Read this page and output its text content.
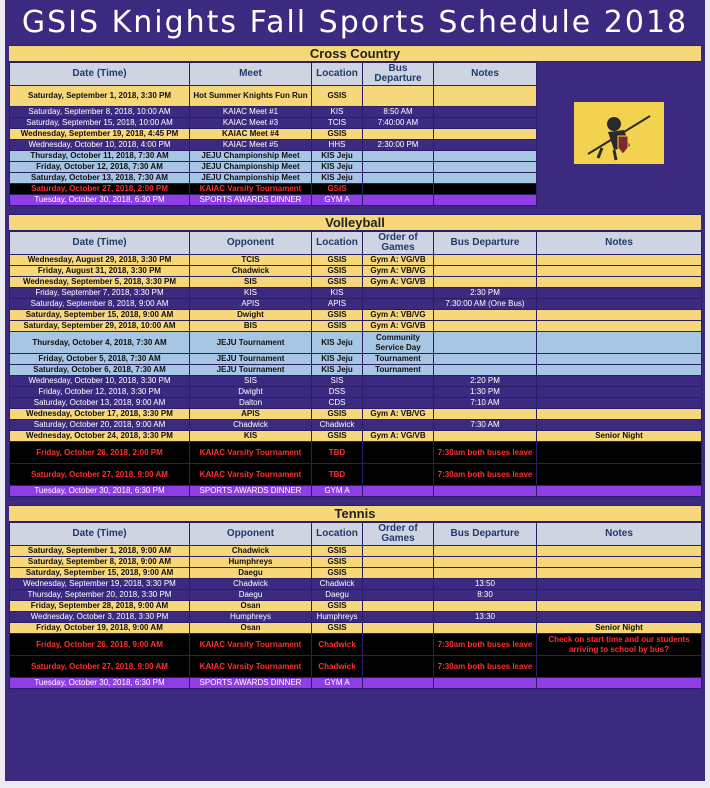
GSIS Knights Fall Sports Schedule 2018
Cross Country
Date (Time)	Meet	Location	Bus Departure	Notes	
Saturday, September 1, 2018, 3:30 PM	Hot Summer Knights Fun Run	GSIS			
Saturday, September 8, 2018, 10:00 AM	KAIAC Meet #1	KIS	8:50 AM		
Saturday, September 15, 2018, 10:00 AM	KAIAC Meet #3	TCIS	7:40:00 AM		
Wednesday, September 19, 2018, 4:45 PM	KAIAC Meet #4	GSIS			
Wednesday, October 10, 2018, 4:00 PM	KAIAC Meet #5	HHS	2:30:00 PM		
Thursday, October 11, 2018, 7:30 AM	JEJU Championship Meet	KIS Jeju			
Friday, October 12, 2018, 7:30 AM	JEJU Championship Meet	KIS Jeju			
Saturday, October 13, 2018, 7:30 AM	JEJU Championship Meet	KIS Jeju			
Saturday, October 27, 2018, 2:00 PM	KAIAC Varsity Tournament	GSIS			
Tuesday, October 30, 2018, 6:30 PM	SPORTS AWARDS DINNER	GYM A			
Volleyball
Date (Time)	Opponent	Location	Order of Games	Bus Departure	Notes
Wednesday, August 29, 2018, 3:30 PM	TCIS	GSIS	Gym A: VG/VB		
Friday, August 31, 2018, 3:30 PM	Chadwick	GSIS	Gym A: VB/VG		
Wednesday, September 5, 2018, 3:30 PM	SIS	GSIS	Gym A: VG/VB		
Friday, September 7, 2018, 3:30 PM	KIS	KIS		2:30 PM	
Saturday, September 8, 2018, 9:00 AM	APIS	APIS		7:30:00 AM (One Bus)	
Saturday, September 15, 2018, 9:00 AM	Dwight	GSIS	Gym A: VB/VG		
Saturday, September 29, 2018, 10:00 AM	BIS	GSIS	Gym A: VG/VB		
Thursday, October 4, 2018, 7:30 AM	JEJU Tournament	KIS Jeju	Community Service Day		
Friday, October 5, 2018, 7:30 AM	JEJU Tournament	KIS Jeju	Tournament		
Saturday, October 6, 2018, 7:30 AM	JEJU Tournament	KIS Jeju	Tournament		
Wednesday, October 10, 2018, 3:30 PM	SIS	SIS		2:20 PM	
Friday, October 12, 2018, 3:30 PM	Dwight	DSS		1:30 PM	
Saturday, October 13, 2018, 9:00 AM	Dalton	CDS		7:10 AM	
Wednesday, October 17, 2018, 3:30 PM	APIS	GSIS	Gym A: VB/VG		
Saturday, October 20, 2018, 9:00 AM	Chadwick	Chadwick		7:30 AM	
Wednesday, October 24, 2018, 3:30 PM	KIS	GSIS	Gym A: VG/VB		Senior Night
Friday, October 26, 2018, 2:00 PM	KAIAC Varsity Tournament	TBD		7:30am both buses leave	
Saturday, October 27, 2018, 9:00 AM	KAIAC Varsity Tournament	TBD		7:30am both buses leave	
Tuesday, October 30, 2018, 6:30 PM	SPORTS AWARDS DINNER	GYM A			
Tennis
Date (Time)	Opponent	Location	Order of Games	Bus Departure	Notes
Saturday, September 1, 2018, 9:00 AM	Chadwick	GSIS			
Saturday, September 8, 2018, 9:00 AM	Humphreys	GSIS			
Saturday, September 15, 2018, 9:00 AM	Daegu	GSIS			
Wednesday, September 19, 2018, 3:30 PM	Chadwick	Chadwick		13:50	
Thursday, September 20, 2018, 3:30 PM	Daegu	Daegu		8:30	
Friday, September 28, 2018, 9:00 AM	Osan	GSIS			
Wednesday, October 3, 2018, 3:30 PM	Humphreys	Humphreys		13:30	
Friday, October 19, 2018, 9:00 AM	Osan	GSIS			Senior Night
Friday, October 26, 2018, 9:00 AM	KAIAC Varsity Tournament	Chadwick		7:30am both buses leave	Check on start time and our students arriving to school by bus?
Saturday, October 27, 2018, 9:00 AM	KAIAC Varsity Tournament	Chadwick		7:30am both buses leave	
Tuesday, October 30, 2018, 6:30 PM	SPORTS AWARDS DINNER	GYM A			
